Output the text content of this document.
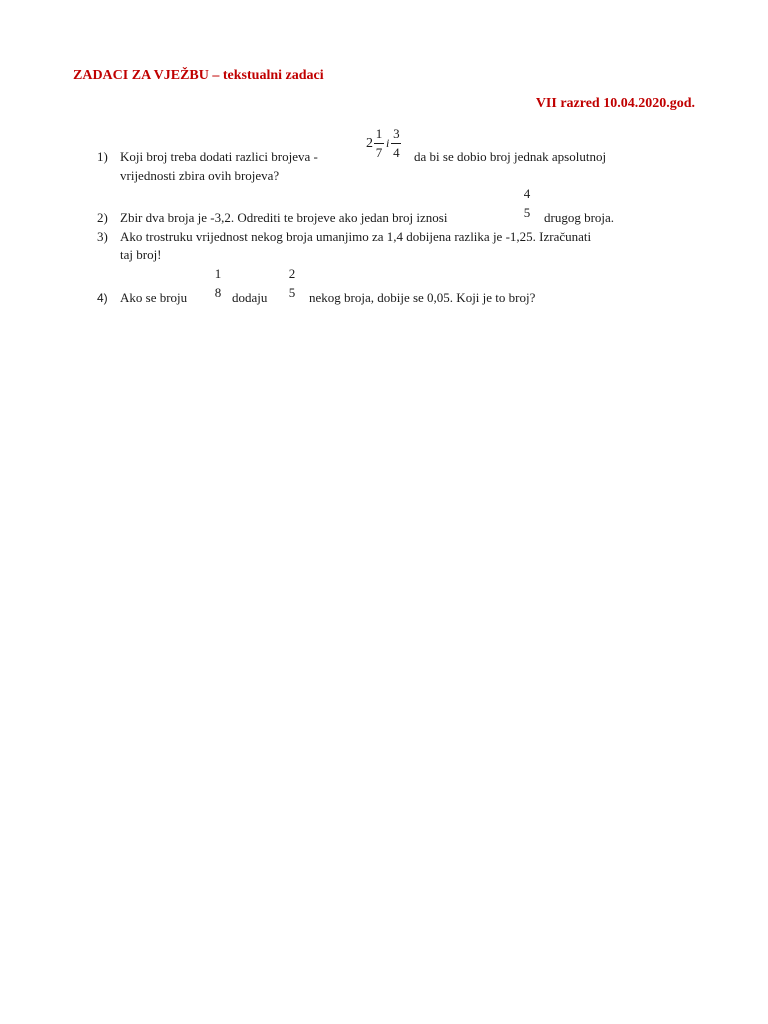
ZADACI ZA VJEŽBU – tekstualni zadaci
VII razred 10.04.2020.god.
1) Koji broj treba dodati razlici brojeva -
$2 \frac{1}{7}$ i $\frac{3}{4}$ da bi se dobio broj jednak apsolutnoj
vrijednosti zbira ovih brojeva?
2) Zbir dva broja je -3,2. Odrediti te brojeve ako jedan broj iznosi
4
5 drugog broja.
3) Ako trostruku vrijednost nekog broja umanjimo za 1,4 dobijena razlika je -1,25. Izračunati
taj broj!
4) Ako se broju
1
8 dodaju
2
5 nekog broja, dobije se 0,05. Koji je to broj?
